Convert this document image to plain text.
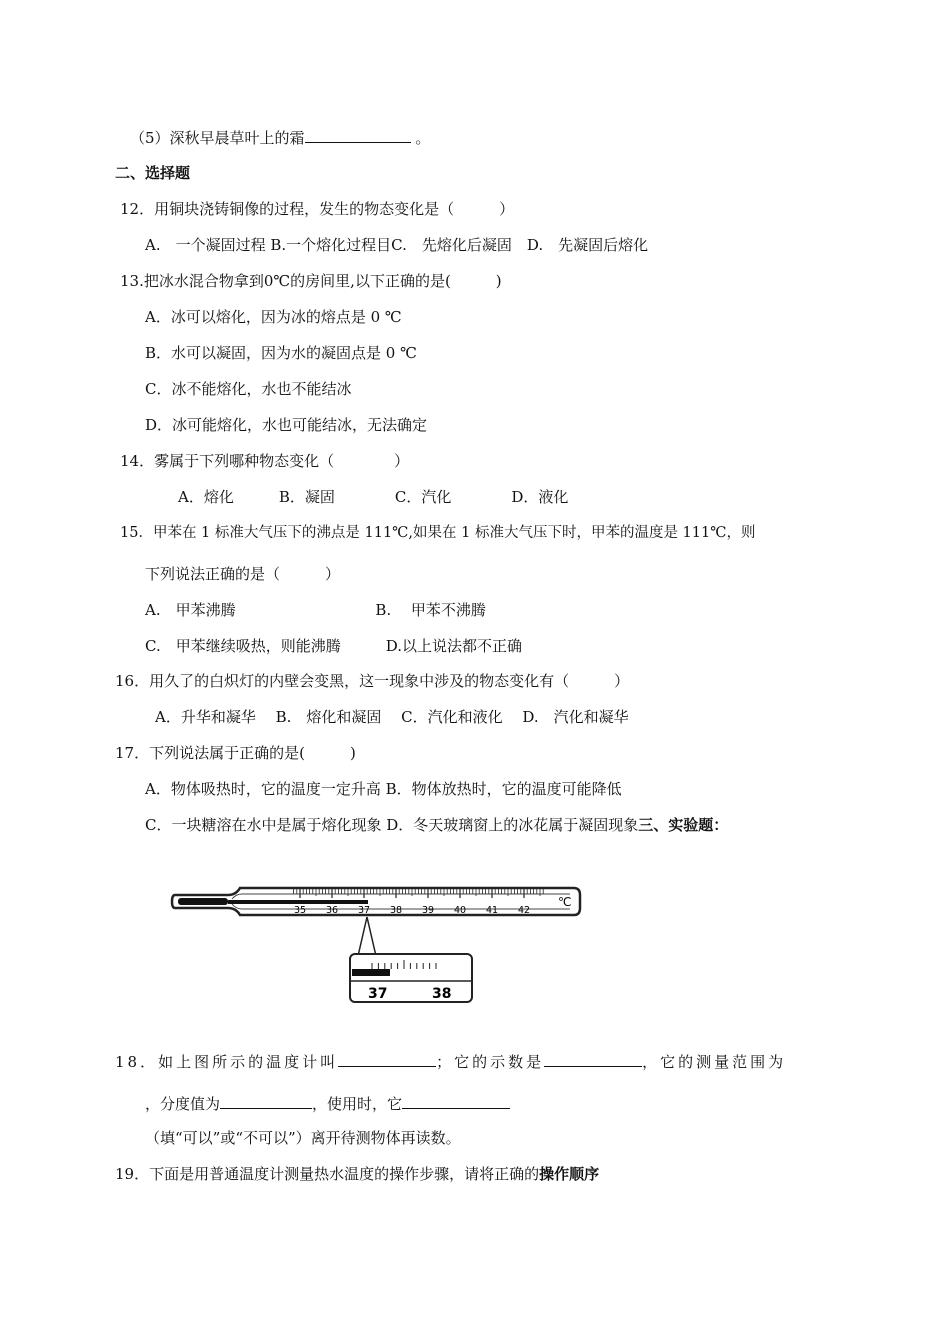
（5）深秋早晨草叶上的霜	。
二、选择题
12．用铜块浇铸铜像的过程，发生的物态变化是（　　　）
A.　一个凝固过程 B.一个熔化过程目C.　先熔化后凝固　D.　先凝固后熔化
13.把冰水混合物拿到0℃的房间里,以下正确的是(　　　)
A．冰可以熔化，因为冰的熔点是 0 ℃
B．水可以凝固，因为水的凝固点是 0 ℃
C．冰不能熔化，水也不能结冰
D．冰可能熔化，水也可能结冰，无法确定
14．雾属于下列哪种物态变化（　　　　）
A．熔化　　　B．凝固　　　　C．汽化　　　　D．液化
15．甲苯在 1 标准大气压下的沸点是 111℃,如果在 1 标准大气压下时，甲苯的温度是 111℃，则
下列说法正确的是（　　　）
A.　甲苯沸腾　　　　　　　　　 B.　 甲苯不沸腾
C.　甲苯继续吸热，则能沸腾　　　D.以上说法都不正确
16．用久了的白炽灯的内壁会变黑，这一现象中涉及的物态变化有（　　　）
A．升华和凝华　 B.　熔化和凝固　 C．汽化和液化　 D.　汽化和凝华
17．下列说法属于正确的是(　　　)
A．物体吸热时，它的温度一定升高 B．物体放热时，它的温度可能降低
C．一块糖溶在水中是属于熔化现象 D．冬天玻璃窗上的冰花属于凝固现象三、实验题：
35 36 37 38 39 40 41 42
℃
37	38
18．如上图所示的温度计叫	；它的示数是	，它的测量范围为
，分度值为	，使用时，它
（填“可以”或“不可以”）离开待测物体再读数。
19．下面是用普通温度计测量热水温度的操作步骤，请将正确的操作顺序
